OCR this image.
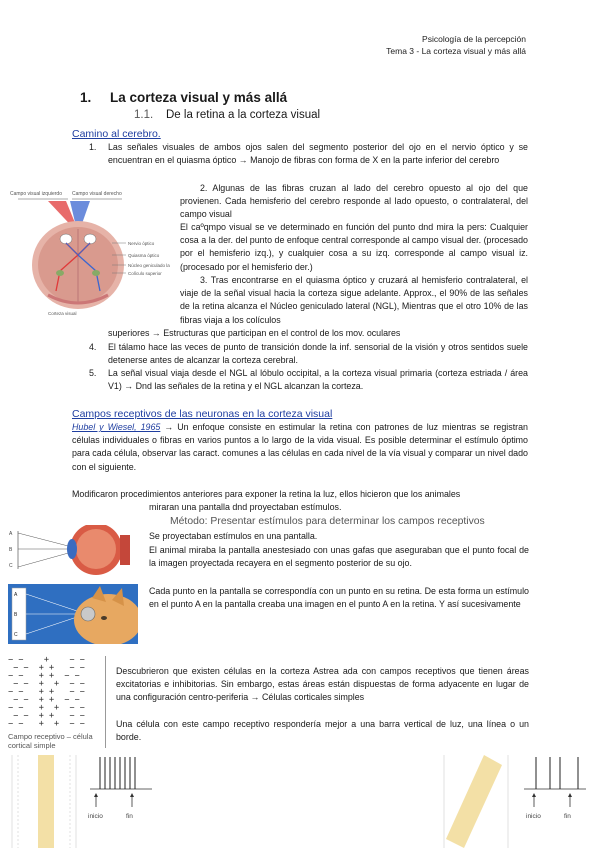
Psicología de la percepción
Tema 3 - La corteza visual y más allá
1. La corteza visual y más allá
1.1. De la retina a la corteza visual
Camino al cerebro.
1. Las señales visuales de ambos ojos salen del segmento posterior del ojo en el nervio óptico y se encuentran en el quiasma óptico → Manojo de fibras con forma de X en la parte inferior del cerebro
Campo visual izquierdo Campo visual derecho
Nervio óptico
Quiasma óptico
Núcleo geniculado lat.
Colículo superior
Corteza visual
2. Algunas de las fibras cruzan al lado del cerebro opuesto al ojo del que provienen. Cada hemisferio del cerebro responde al lado opuesto, o contralateral, del campo visual
El caºqmpo visual se ve determinado en función del punto dnd mira la pers: Cualquier cosa a la der. del punto de enfoque central corresponde al campo visual der. (procesado por el hemisferio izq.), y cualquier cosa a su izq. corresponde al campo visual iz. (procesado por el hemisferio der.)
3. Tras encontrarse en el quiasma óptico y cruzará al hemisferio contralateral, el viaje de la señal visual hacia la corteza sigue adelante. Approx., el 90% de las señales de la retina alcanza el Núcleo geniculado lateral (NGL), Mientras que el otro 10% de las fibras viaja a los colículos
superiores → Estructuras que participan en el control de los mov. oculares
4. El tálamo hace las veces de punto de transición donde la inf. sensorial de la visión y otros sentidos suele detenerse antes de alcanzar la corteza cerebral.
5. La señal visual viaja desde el NGL al lóbulo occipital, a la corteza visual primaria (corteza estriada / área V1) → Dnd las señales de la retina y el NGL alcanzan la corteza.
Campos receptivos de las neuronas en la corteza visual
Hubel y Wiesel, 1965 → Un enfoque consiste en estimular la retina con patrones de luz mientras se registran células individuales o fibras en varios puntos a lo largo de la vida visual. Es posible determinar el estímulo óptimo para cada célula, observar las caract. comunes a las células en cada nivel de la vía visual y comparar un nivel dado con el siguiente.
Modificaron procedimientos anteriores para exponer la retina la luz, ellos hicieron que los animales
miraran una pantalla dnd proyectaban estímulos.
Método: Presentar estímulos para determinar los campos receptivos
A
B
C
Se proyectaban estímulos en una pantalla.
El animal miraba la pantalla anestesiado con unas gafas que aseguraban que el punto focal de la imagen proyectada recayera en el segmento posterior de su ojo.
A
B
C
Cada punto en la pantalla se correspondía con un punto en su retina. De esta forma un estímulo en el punto A en la pantalla creaba una imagen en el punto A en la retina. Y así sucesivamente
− −    +    − −
− −  + +   − −
− −   + +  − −
− −  +  +  − −
− −   + +   − −
− −  + +  − −
− −   +  +  − −
− −  + +   − −
− −   +  +  − −
Campo receptivo – célula cortical simple
Descubrieron que existen células en la corteza Astrea ada con campos receptivos que tienen áreas excitatorias e inhibitorias. Sin embargo, estas áreas están dispuestas de forma adyacente en lugar de una configuración centro-periferia → Células corticales simples
Una célula con este campo receptivo respondería mejor a una barra vertical de luz, una línea o un borde.
inicio	fin	inicio	fin
